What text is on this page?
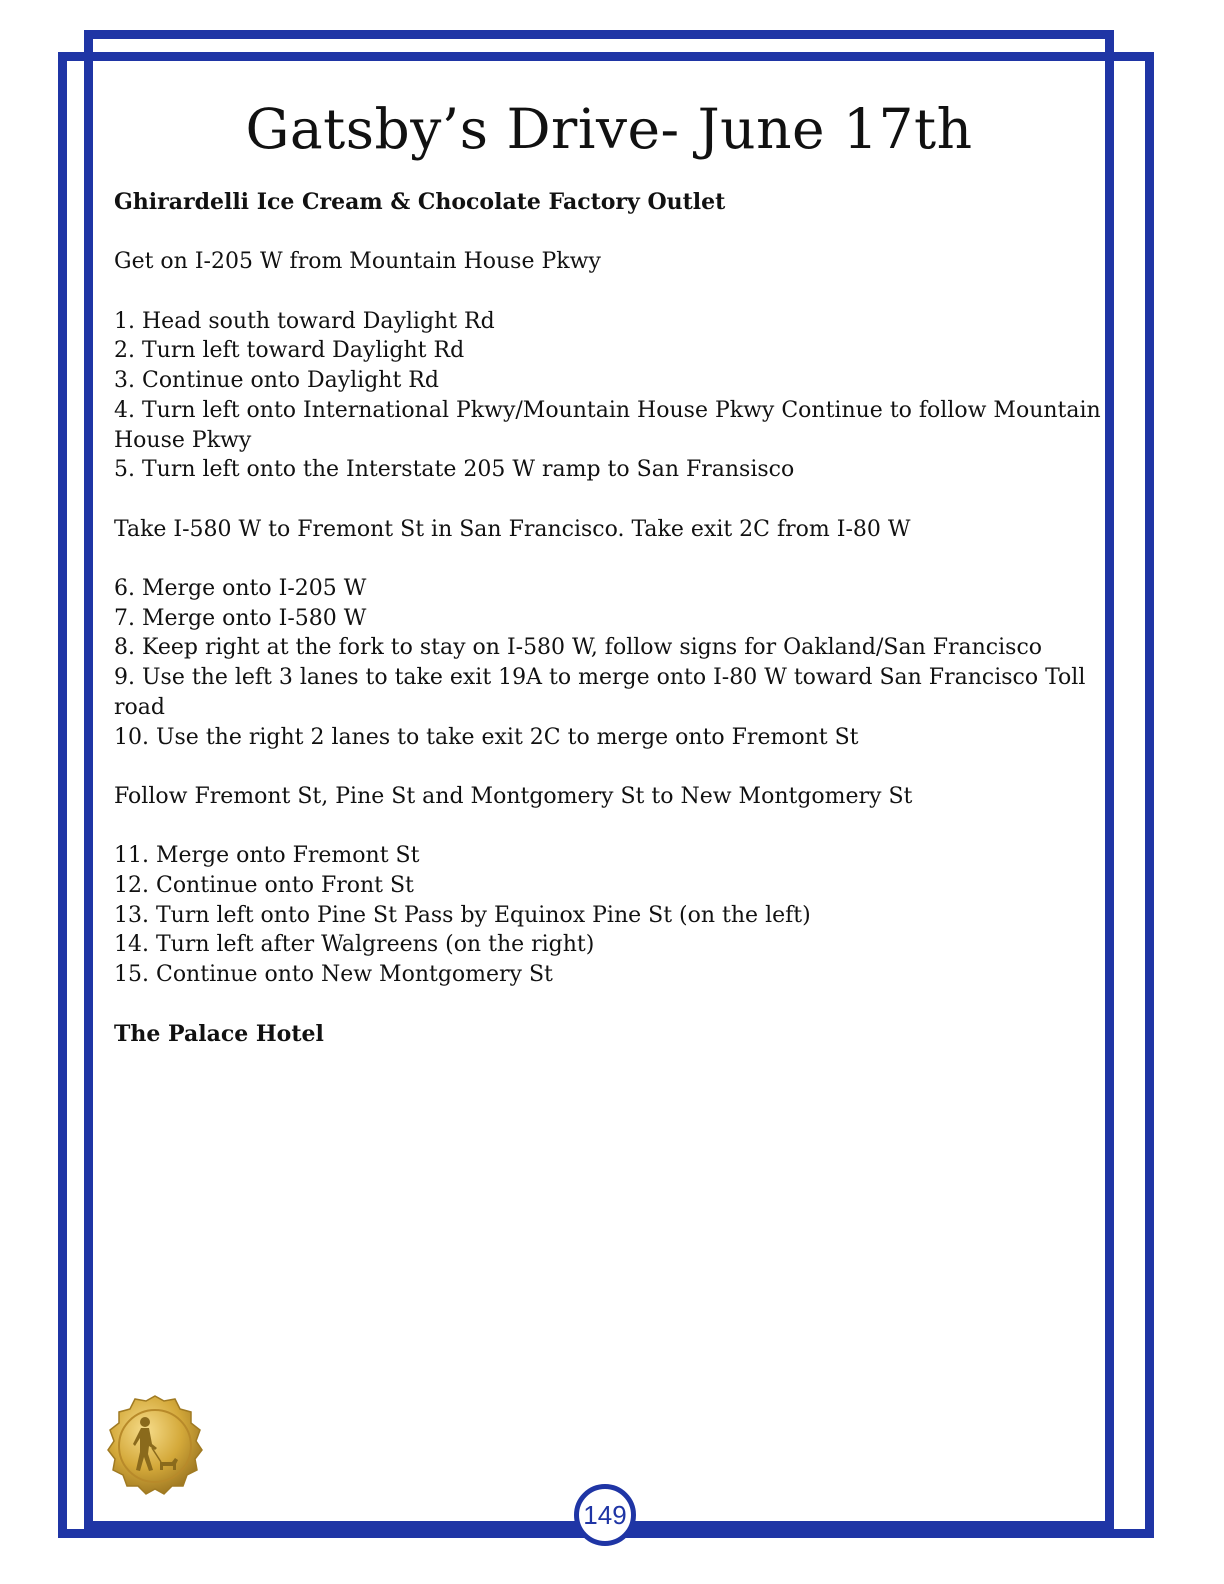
Gatsby’s Drive- June 17th

Ghirardelli Ice Cream & Chocolate Factory Outlet

Get on I-205 W from Mountain House Pkwy

1. Head south toward Daylight Rd

2. Turn left toward Daylight Rd

3. Continue onto Daylight Rd

4. Turn left onto International Pkwy/Mountain House Pkwy Continue to follow Mountain House Pkwy

5. Turn left onto the Interstate 205 W ramp to San Fransisco

Take I-580 W to Fremont St in San Francisco. Take exit 2C from I-80 W

6. Merge onto I-205 W

7. Merge onto I-580 W

8. Keep right at the fork to stay on I-580 W, follow signs for Oakland/San Francisco

9. Use the left 3 lanes to take exit 19A to merge onto I-80 W toward San Francisco Toll road

10. Use the right 2 lanes to take exit 2C to merge onto Fremont St

Follow Fremont St, Pine St and Montgomery St to New Montgomery St

11. Merge onto Fremont St

12. Continue onto Front St

13. Turn left onto Pine St Pass by Equinox Pine St (on the left)

14. Turn left after Walgreens (on the right)

15. Continue onto New Montgomery St

The Palace Hotel

149
